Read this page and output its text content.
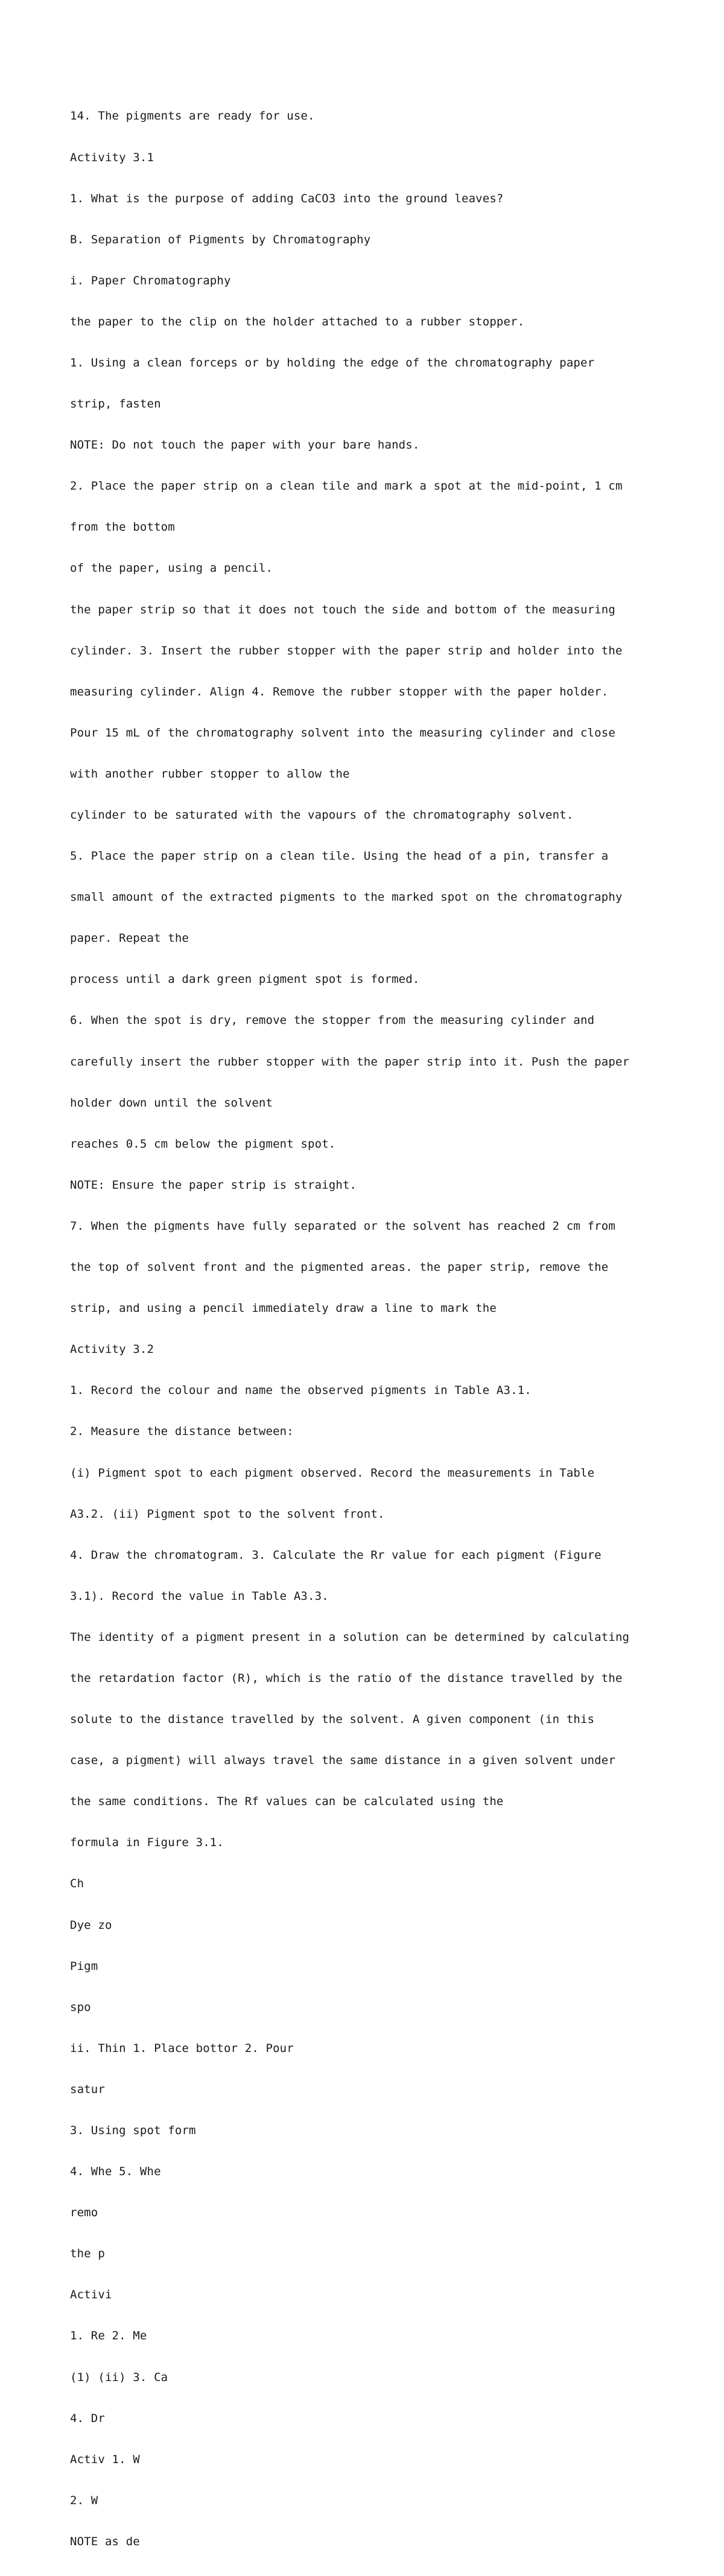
14. The pigments are ready for use.

Activity 3.1

1. What is the purpose of adding CaCO3 into the ground leaves?

B. Separation of Pigments by Chromatography

i. Paper Chromatography

the paper to the clip on the holder attached to a rubber stopper.

1. Using a clean forceps or by holding the edge of the chromatography paper

strip, fasten

NOTE: Do not touch the paper with your bare hands.

2. Place the paper strip on a clean tile and mark a spot at the mid-point, 1 cm

from the bottom

of the paper, using a pencil.

the paper strip so that it does not touch the side and bottom of the measuring

cylinder. 3. Insert the rubber stopper with the paper strip and holder into the

measuring cylinder. Align 4. Remove the rubber stopper with the paper holder.

Pour 15 mL of the chromatography solvent into the measuring cylinder and close

with another rubber stopper to allow the

cylinder to be saturated with the vapours of the chromatography solvent.

5. Place the paper strip on a clean tile. Using the head of a pin, transfer a

small amount of the extracted pigments to the marked spot on the chromatography

paper. Repeat the

process until a dark green pigment spot is formed.

6. When the spot is dry, remove the stopper from the measuring cylinder and

carefully insert the rubber stopper with the paper strip into it. Push the paper

holder down until the solvent

reaches 0.5 cm below the pigment spot.

NOTE: Ensure the paper strip is straight.

7. When the pigments have fully separated or the solvent has reached 2 cm from

the top of solvent front and the pigmented areas. the paper strip, remove the

strip, and using a pencil immediately draw a line to mark the

Activity 3.2

1. Record the colour and name the observed pigments in Table A3.1.

2. Measure the distance between:

(i) Pigment spot to each pigment observed. Record the measurements in Table

A3.2. (ii) Pigment spot to the solvent front.

4. Draw the chromatogram. 3. Calculate the Rr value for each pigment (Figure

3.1). Record the value in Table A3.3.

The identity of a pigment present in a solution can be determined by calculating

the retardation factor (R), which is the ratio of the distance travelled by the

solute to the distance travelled by the solvent. A given component (in this

case, a pigment) will always travel the same distance in a given solvent under

the same conditions. The Rf values can be calculated using the

formula in Figure 3.1.

Ch

Dye zo

Pigm

spo

ii. Thin 1. Place bottor 2. Pour

satur

3. Using spot form

4. Whe 5. Whe

remo

the p

Activi

1. Re 2. Me

(1) (ii) 3. Ca

4. Dr

Activ 1. W

2. W

NOTE as de
